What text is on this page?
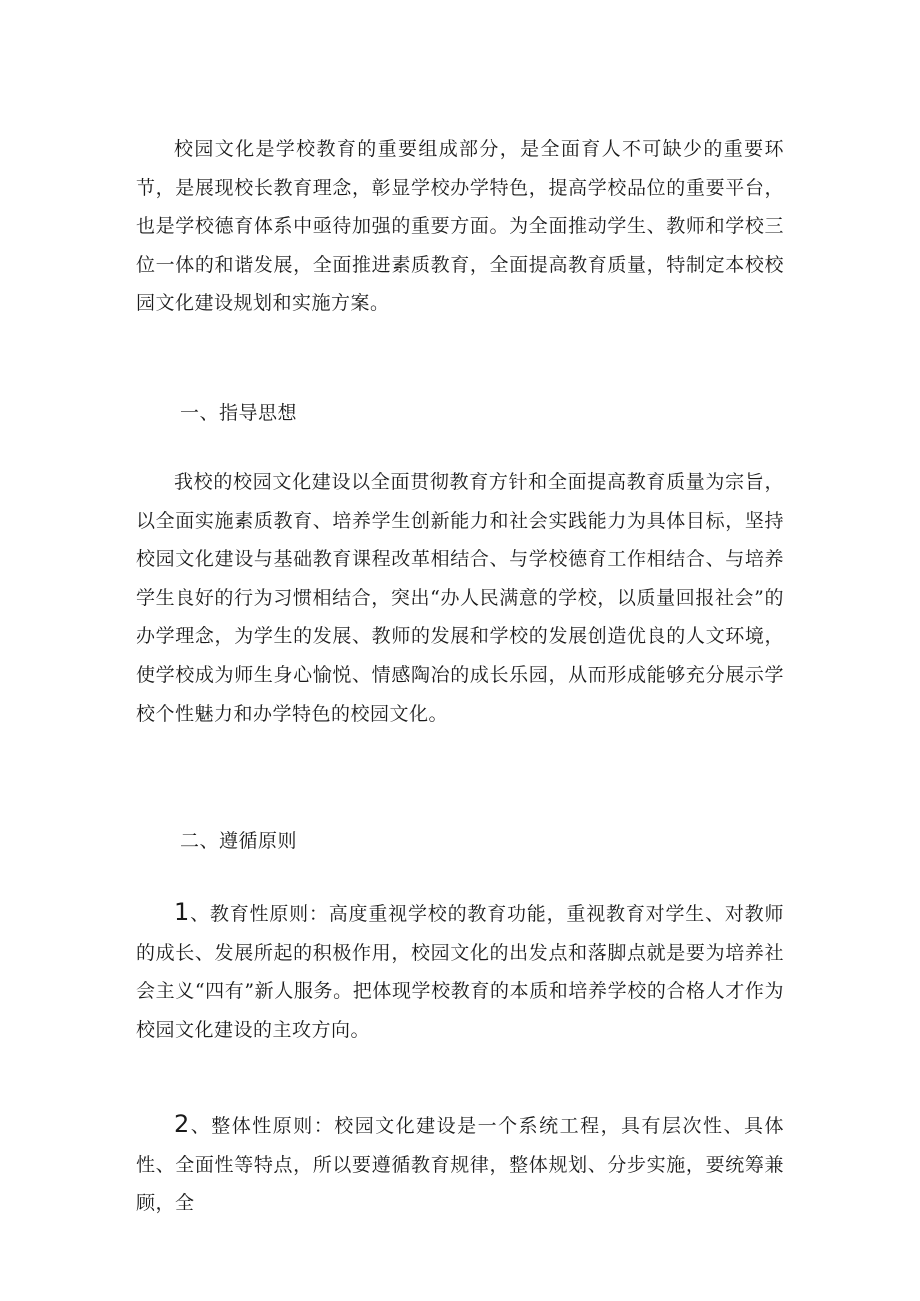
校园文化是学校教育的重要组成部分，是全面育人不可缺少的重要环节，是展现校长教育理念，彰显学校办学特色，提高学校品位的重要平台，也是学校德育体系中亟待加强的重要方面。为全面推动学生、教师和学校三位一体的和谐发展，全面推进素质教育，全面提高教育质量，特制定本校校园文化建设规划和实施方案。

一、指导思想

我校的校园文化建设以全面贯彻教育方针和全面提高教育质量为宗旨，以全面实施素质教育、培养学生创新能力和社会实践能力为具体目标，坚持校园文化建设与基础教育课程改革相结合、与学校德育工作相结合、与培养学生良好的行为习惯相结合，突出“办人民满意的学校，以质量回报社会”的办学理念，为学生的发展、教师的发展和学校的发展创造优良的人文环境，使学校成为师生身心愉悦、情感陶冶的成长乐园，从而形成能够充分展示学校个性魅力和办学特色的校园文化。

二、遵循原则

1、教育性原则：高度重视学校的教育功能，重视教育对学生、对教师的成长、发展所起的积极作用，校园文化的出发点和落脚点就是要为培养社会主义“四有”新人服务。把体现学校教育的本质和培养学校的合格人才作为校园文化建设的主攻方向。

2、整体性原则：校园文化建设是一个系统工程，具有层次性、具体性、全面性等特点，所以要遵循教育规律，整体规划、分步实施，要统筹兼顾，全
